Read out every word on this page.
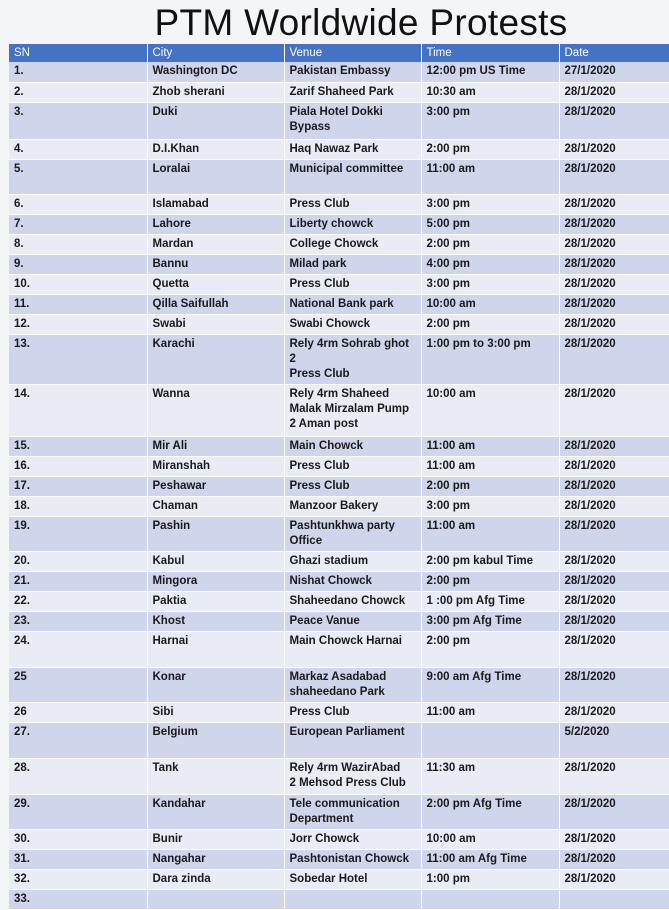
PTM Worldwide Protests
SN	City	Venue	Time	Date
1.	Washington DC	Pakistan Embassy	12:00 pm US Time	27/1/2020
2.	Zhob sherani	Zarif Shaheed Park	10:30 am	28/1/2020
3.	Duki	Piala Hotel Dokki
Bypass	3:00 pm	28/1/2020
4.	D.I.Khan	Haq Nawaz Park	2:00 pm	28/1/2020
5.	Loralai	Municipal committee	11:00 am	28/1/2020
6.	Islamabad	Press Club	3:00 pm	28/1/2020
7.	Lahore	Liberty chowck	5:00 pm	28/1/2020
8.	Mardan	College Chowck	2:00 pm	28/1/2020
9.	Bannu	Milad park	4:00 pm	28/1/2020
10.	Quetta	Press Club	3:00 pm	28/1/2020
11.	Qilla Saifullah	National Bank park	10:00 am	28/1/2020
12.	Swabi	Swabi Chowck	2:00 pm	28/1/2020
13.	Karachi	Rely 4rm Sohrab ghot 2
Press Club	1:00 pm to 3:00 pm	28/1/2020
14.	Wanna	Rely 4rm Shaheed
Malak Mirzalam Pump
2 Aman post	10:00 am	28/1/2020
15.	Mir Ali	Main Chowck	11:00 am	28/1/2020
16.	Miranshah	Press Club	11:00 am	28/1/2020
17.	Peshawar	Press Club	2:00 pm	28/1/2020
18.	Chaman	Manzoor Bakery	3:00 pm	28/1/2020
19.	Pashin	Pashtunkhwa party
Office	11:00 am	28/1/2020
20.	Kabul	Ghazi stadium	2:00 pm kabul Time	28/1/2020
21.	Mingora	Nishat Chowck	2:00 pm	28/1/2020
22.	Paktia	Shaheedano Chowck	1 :00 pm Afg Time	28/1/2020
23.	Khost	Peace Vanue	3:00 pm Afg Time	28/1/2020
24.	Harnai	Main Chowck Harnai	2:00 pm	28/1/2020
25	Konar	Markaz Asadabad
shaheedano Park	9:00 am Afg Time	28/1/2020
26	Sibi	Press Club	11:00 am	28/1/2020
27.	Belgium	European Parliament		5/2/2020
28.	Tank	Rely 4rm WazirAbad
2 Mehsod Press Club	11:30 am	28/1/2020
29.	Kandahar	Tele communication
Department	2:00 pm Afg Time	28/1/2020
30.	Bunir	Jorr Chowck	10:00 am	28/1/2020
31.	Nangahar	Pashtonistan Chowck	11:00 am Afg Time	28/1/2020
32.	Dara zinda	Sobedar Hotel	1:00 pm	28/1/2020
33.				
